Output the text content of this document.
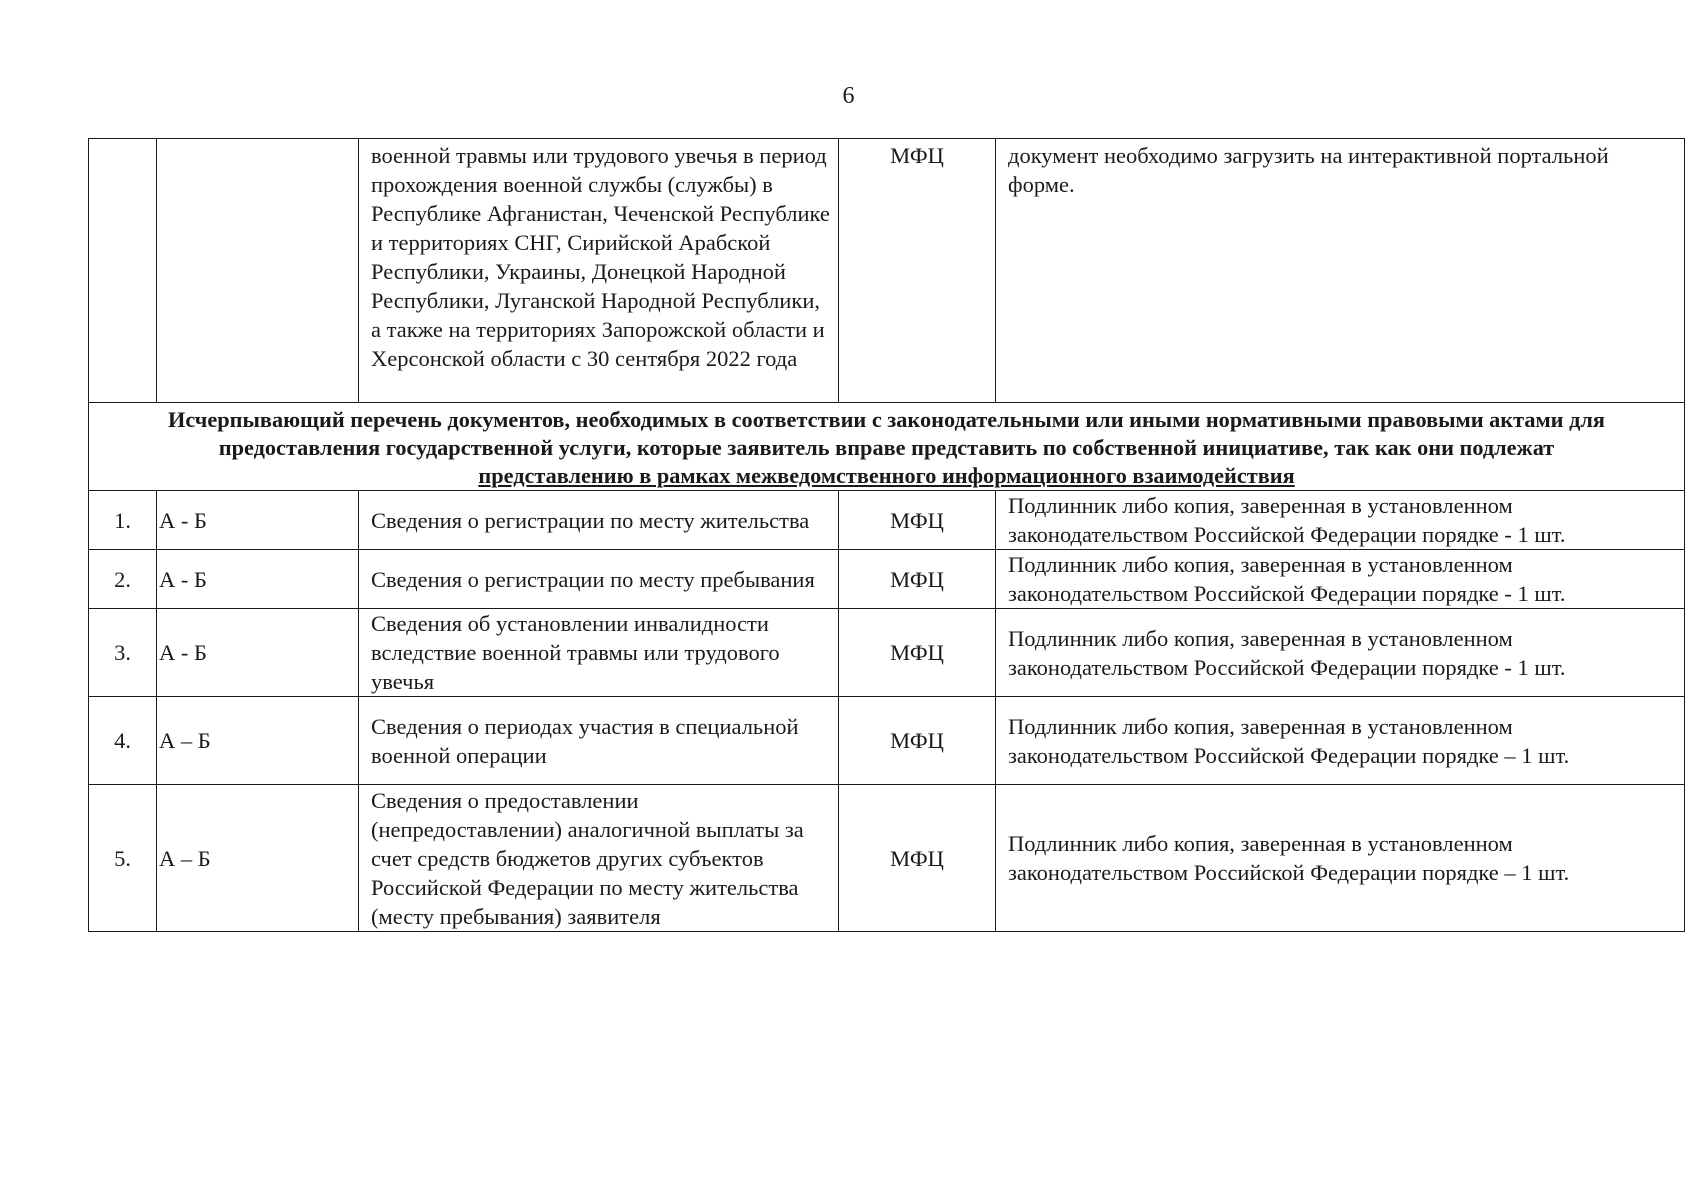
6
		военной травмы или трудового увечья в период прохождения военной службы (службы) в Республике Афганистан, Чеченской Республике и территориях СНГ, Сирийской Арабской Республики, Украины, Донецкой Народной Республики, Луганской Народной Республики, а также на территориях Запорожской области и Херсонской области с 30 сентября 2022 года	МФЦ	документ необходимо загрузить на интерактивной портальной форме.

Исчерпывающий перечень документов, необходимых в соответствии с законодательными или иными нормативными правовыми актами для
предоставления государственной услуги, которые заявитель вправе представить по собственной инициативе, так как они подлежат
представлению в рамках межведомственного информационного взаимодействия				

1.	А - Б	Сведения о регистрации по месту жительства	МФЦ	Подлинник либо копия, заверенная в установленном
законодательством Российской Федерации порядке - 1 шт.
2.	А - Б	Сведения о регистрации по месту пребывания	МФЦ	Подлинник либо копия, заверенная в установленном
законодательством Российской Федерации порядке - 1 шт.
3.	А - Б	Сведения об установлении инвалидности вследствие военной травмы или трудового увечья	МФЦ	Подлинник либо копия, заверенная в установленном
законодательством Российской Федерации порядке - 1 шт.
4.	А – Б	Сведения о периодах участия в специальной военной операции	МФЦ	Подлинник либо копия, заверенная в установленном
законодательством Российской Федерации порядке – 1 шт.
5.	А – Б	Сведения о предоставлении (непредоставлении) аналогичной выплаты за счет средств бюджетов других субъектов Российской Федерации по месту жительства (месту пребывания) заявителя	МФЦ	Подлинник либо копия, заверенная в установленном
законодательством Российской Федерации порядке – 1 шт.
